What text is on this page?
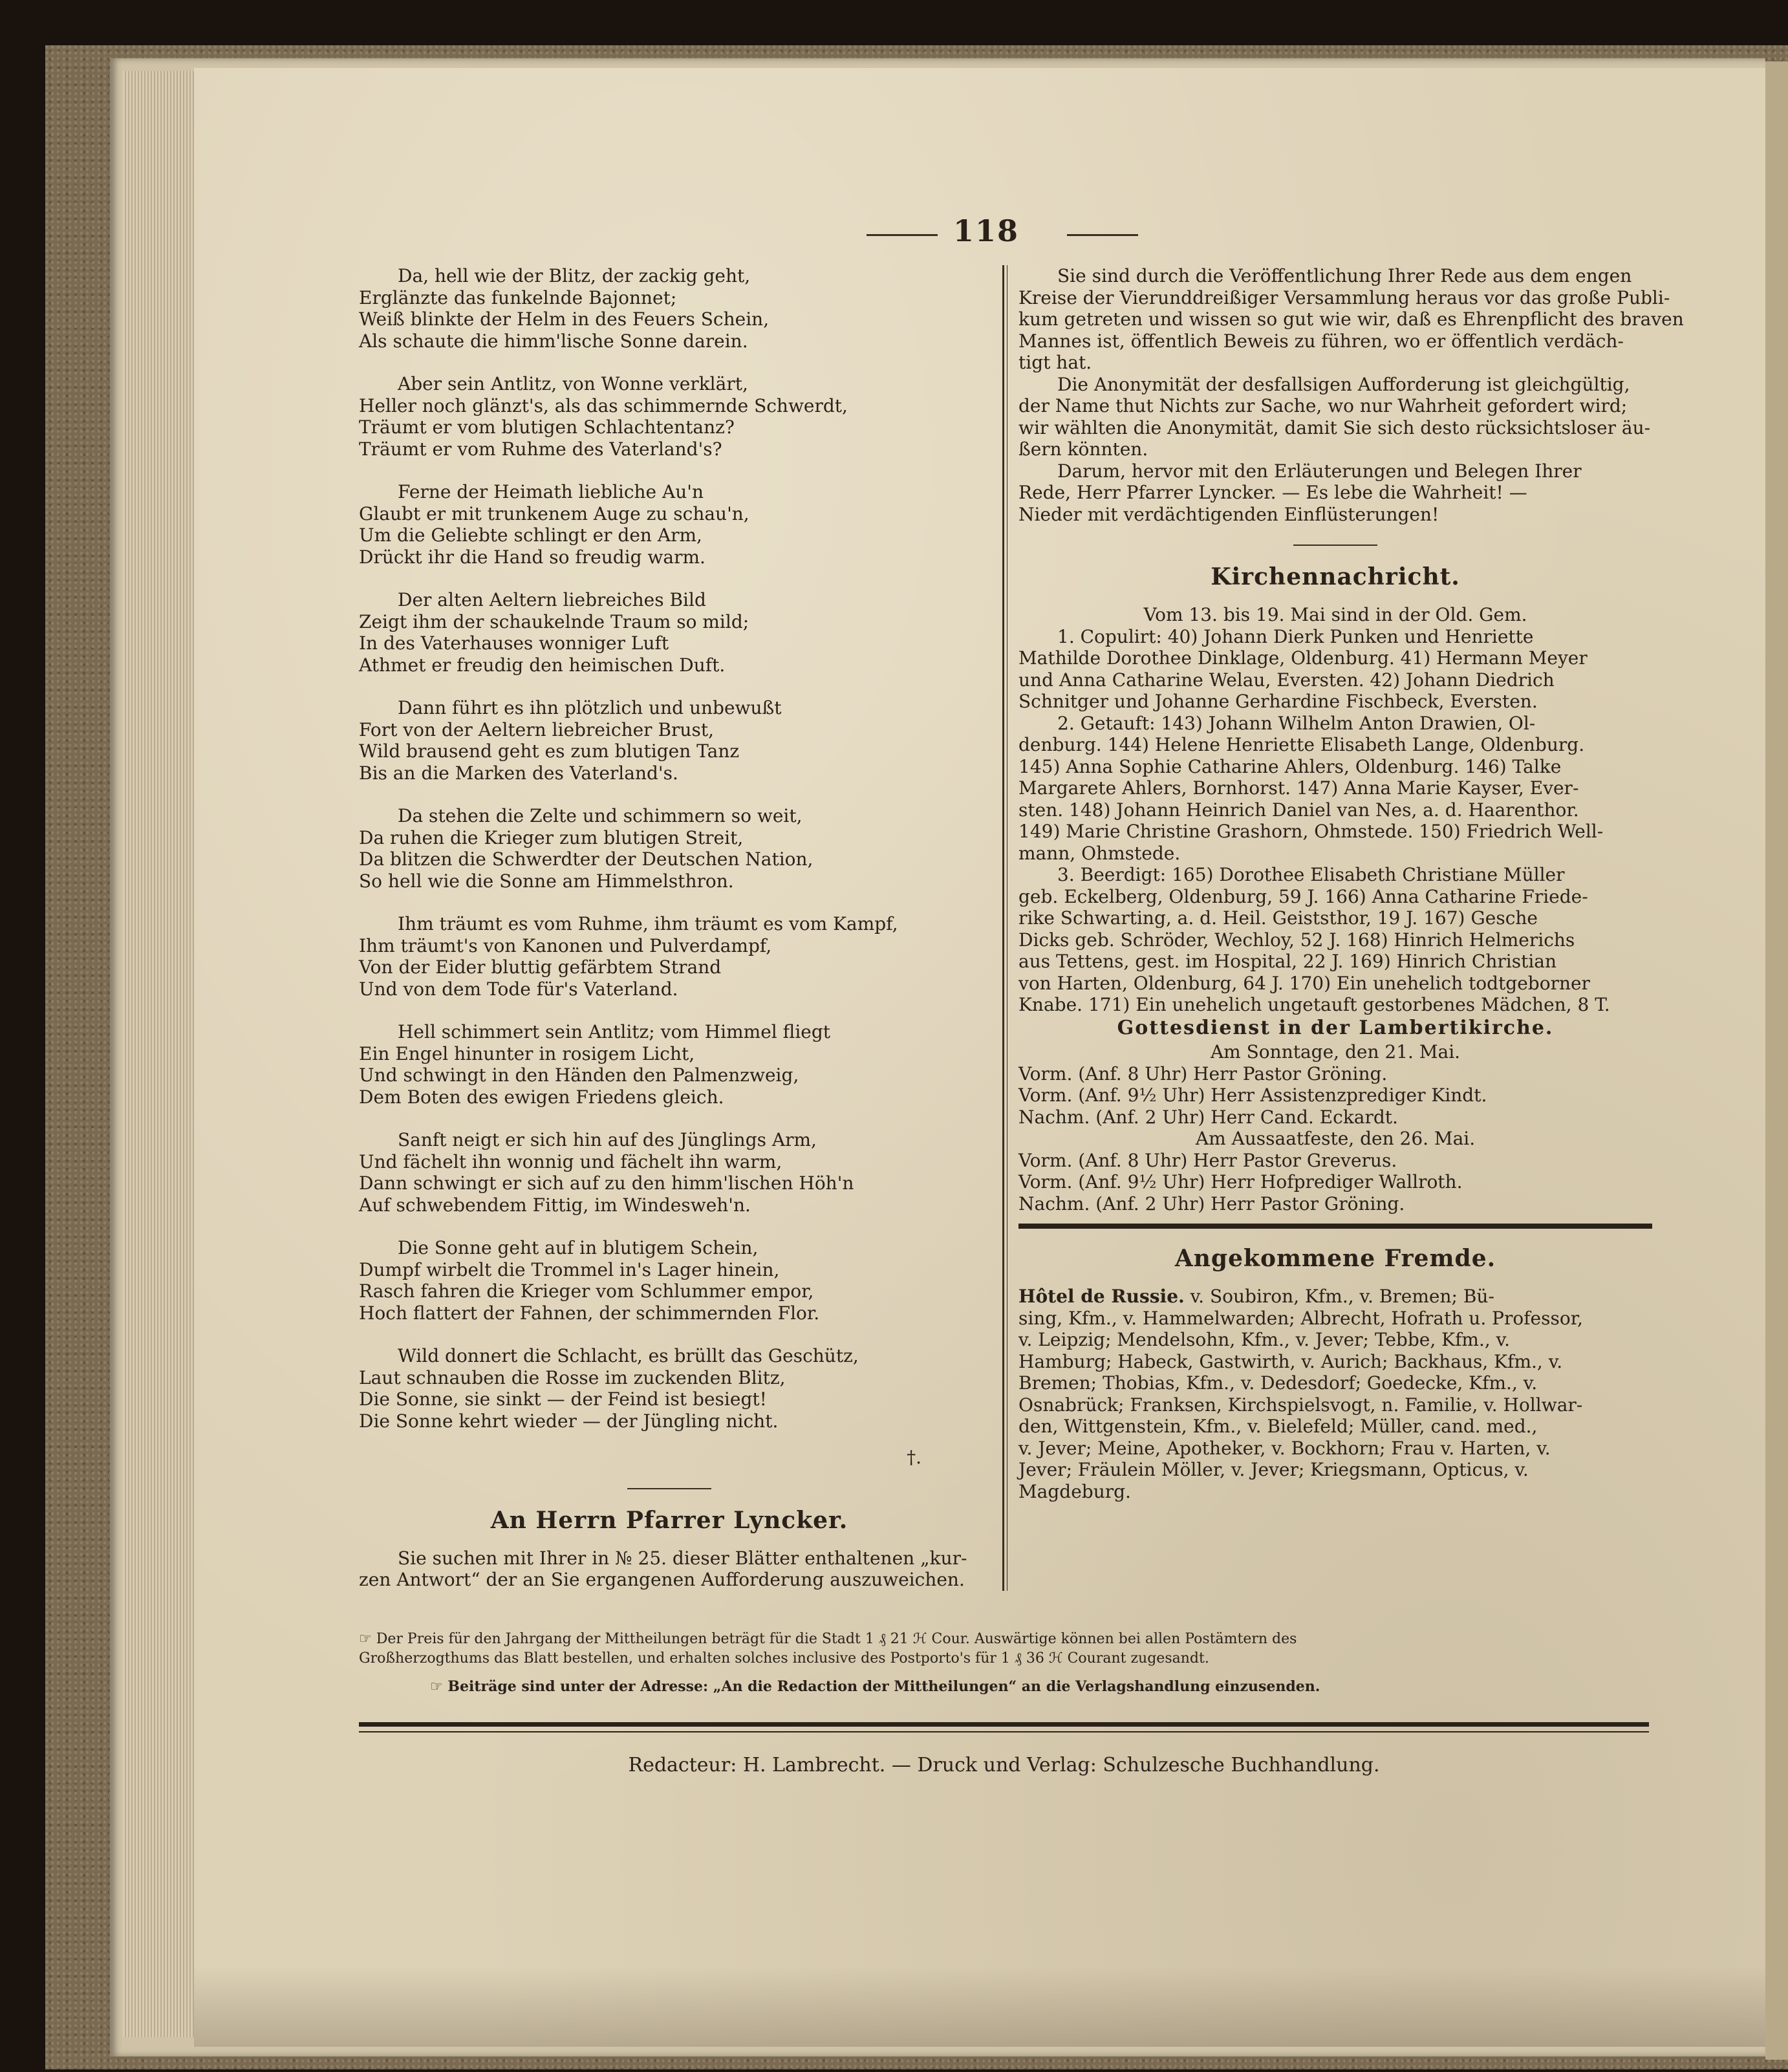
118
Da, hell wie der Blitz, der zackig geht,
Erglänzte das funkelnde Bajonnet;
Weiß blinkte der Helm in des Feuers Schein,
Als schaute die himm'lische Sonne darein.
Aber sein Antlitz, von Wonne verklärt,
Heller noch glänzt's, als das schimmernde Schwerdt,
Träumt er vom blutigen Schlachtentanz?
Träumt er vom Ruhme des Vaterland's?
Ferne der Heimath liebliche Au'n
Glaubt er mit trunkenem Auge zu schau'n,
Um die Geliebte schlingt er den Arm,
Drückt ihr die Hand so freudig warm.
Der alten Aeltern liebreiches Bild
Zeigt ihm der schaukelnde Traum so mild;
In des Vaterhauses wonniger Luft
Athmet er freudig den heimischen Duft.
Dann führt es ihn plötzlich und unbewußt
Fort von der Aeltern liebreicher Brust,
Wild brausend geht es zum blutigen Tanz
Bis an die Marken des Vaterland's.
Da stehen die Zelte und schimmern so weit,
Da ruhen die Krieger zum blutigen Streit,
Da blitzen die Schwerdter der Deutschen Nation,
So hell wie die Sonne am Himmelsthron.
Ihm träumt es vom Ruhme, ihm träumt es vom Kampf,
Ihm träumt's von Kanonen und Pulverdampf,
Von der Eider bluttig gefärbtem Strand
Und von dem Tode für's Vaterland.
Hell schimmert sein Antlitz; vom Himmel fliegt
Ein Engel hinunter in rosigem Licht,
Und schwingt in den Händen den Palmenzweig,
Dem Boten des ewigen Friedens gleich.
Sanft neigt er sich hin auf des Jünglings Arm,
Und fächelt ihn wonnig und fächelt ihn warm,
Dann schwingt er sich auf zu den himm'lischen Höh'n
Auf schwebendem Fittig, im Windesweh'n.
Die Sonne geht auf in blutigem Schein,
Dumpf wirbelt die Trommel in's Lager hinein,
Rasch fahren die Krieger vom Schlummer empor,
Hoch flattert der Fahnen, der schimmernden Flor.
Wild donnert die Schlacht, es brüllt das Geschütz,
Laut schnauben die Rosse im zuckenden Blitz,
Die Sonne, sie sinkt — der Feind ist besiegt!
Die Sonne kehrt wieder — der Jüngling nicht.
†.
An Herrn Pfarrer Lyncker.
Sie suchen mit Ihrer in № 25. dieser Blätter enthaltenen „kur-
zen Antwort“ der an Sie ergangenen Aufforderung auszuweichen.
Sie sind durch die Veröffentlichung Ihrer Rede aus dem engen
Kreise der Vierunddreißiger Versammlung heraus vor das große Publi-
kum getreten und wissen so gut wie wir, daß es Ehrenpflicht des braven
Mannes ist, öffentlich Beweis zu führen, wo er öffentlich verdäch-
tigt hat.
Die Anonymität der desfallsigen Aufforderung ist gleichgültig,
der Name thut Nichts zur Sache, wo nur Wahrheit gefordert wird;
wir wählten die Anonymität, damit Sie sich desto rücksichtsloser äu-
ßern könnten.
Darum, hervor mit den Erläuterungen und Belegen Ihrer
Rede, Herr Pfarrer Lyncker. — Es lebe die Wahrheit! —
Nieder mit verdächtigenden Einflüsterungen!
Kirchennachricht.
Vom 13. bis 19. Mai sind in der Old. Gem.
1. Copulirt: 40) Johann Dierk Punken und Henriette
Mathilde Dorothee Dinklage, Oldenburg. 41) Hermann Meyer
und Anna Catharine Welau, Eversten. 42) Johann Diedrich
Schnitger und Johanne Gerhardine Fischbeck, Eversten.
2. Getauft: 143) Johann Wilhelm Anton Drawien, Ol-
denburg. 144) Helene Henriette Elisabeth Lange, Oldenburg.
145) Anna Sophie Catharine Ahlers, Oldenburg. 146) Talke
Margarete Ahlers, Bornhorst. 147) Anna Marie Kayser, Ever-
sten. 148) Johann Heinrich Daniel van Nes, a. d. Haarenthor.
149) Marie Christine Grashorn, Ohmstede. 150) Friedrich Well-
mann, Ohmstede.
3. Beerdigt: 165) Dorothee Elisabeth Christiane Müller
geb. Eckelberg, Oldenburg, 59 J. 166) Anna Catharine Friede-
rike Schwarting, a. d. Heil. Geiststhor, 19 J. 167) Gesche
Dicks geb. Schröder, Wechloy, 52 J. 168) Hinrich Helmerichs
aus Tettens, gest. im Hospital, 22 J. 169) Hinrich Christian
von Harten, Oldenburg, 64 J. 170) Ein unehelich todtgeborner
Knabe. 171) Ein unehelich ungetauft gestorbenes Mädchen, 8 T.
Gottesdienst in der Lambertikirche.
Am Sonntage, den 21. Mai.
Vorm. (Anf. 8 Uhr) Herr Pastor Gröning.
Vorm. (Anf. 9½ Uhr) Herr Assistenzprediger Kindt.
Nachm. (Anf. 2 Uhr) Herr Cand. Eckardt.
Am Aussaatfeste, den 26. Mai.
Vorm. (Anf. 8 Uhr) Herr Pastor Greverus.
Vorm. (Anf. 9½ Uhr) Herr Hofprediger Wallroth.
Nachm. (Anf. 2 Uhr) Herr Pastor Gröning.
Angekommene Fremde.
Hôtel de Russie. v. Soubiron, Kfm., v. Bremen; Bü-
sing, Kfm., v. Hammelwarden; Albrecht, Hofrath u. Professor,
v. Leipzig; Mendelsohn, Kfm., v. Jever; Tebbe, Kfm., v.
Hamburg; Habeck, Gastwirth, v. Aurich; Backhaus, Kfm., v.
Bremen; Thobias, Kfm., v. Dedesdorf; Goedecke, Kfm., v.
Osnabrück; Franksen, Kirchspielsvogt, n. Familie, v. Hollwar-
den, Wittgenstein, Kfm., v. Bielefeld; Müller, cand. med.,
v. Jever; Meine, Apotheker, v. Bockhorn; Frau v. Harten, v.
Jever; Fräulein Möller, v. Jever; Kriegsmann, Opticus, v.
Magdeburg.
☞ Der Preis für den Jahrgang der Mittheilungen beträgt für die Stadt 1 ₰ 21 ℋ Cour. Auswärtige können bei allen Postämtern des
Großherzogthums das Blatt bestellen, und erhalten solches inclusive des Postporto's für 1 ₰ 36 ℋ Courant zugesandt.
☞ Beiträge sind unter der Adresse: „An die Redaction der Mittheilungen“ an die Verlagshandlung einzusenden.
Redacteur: H. Lambrecht. — Druck und Verlag: Schulzesche Buchhandlung.
